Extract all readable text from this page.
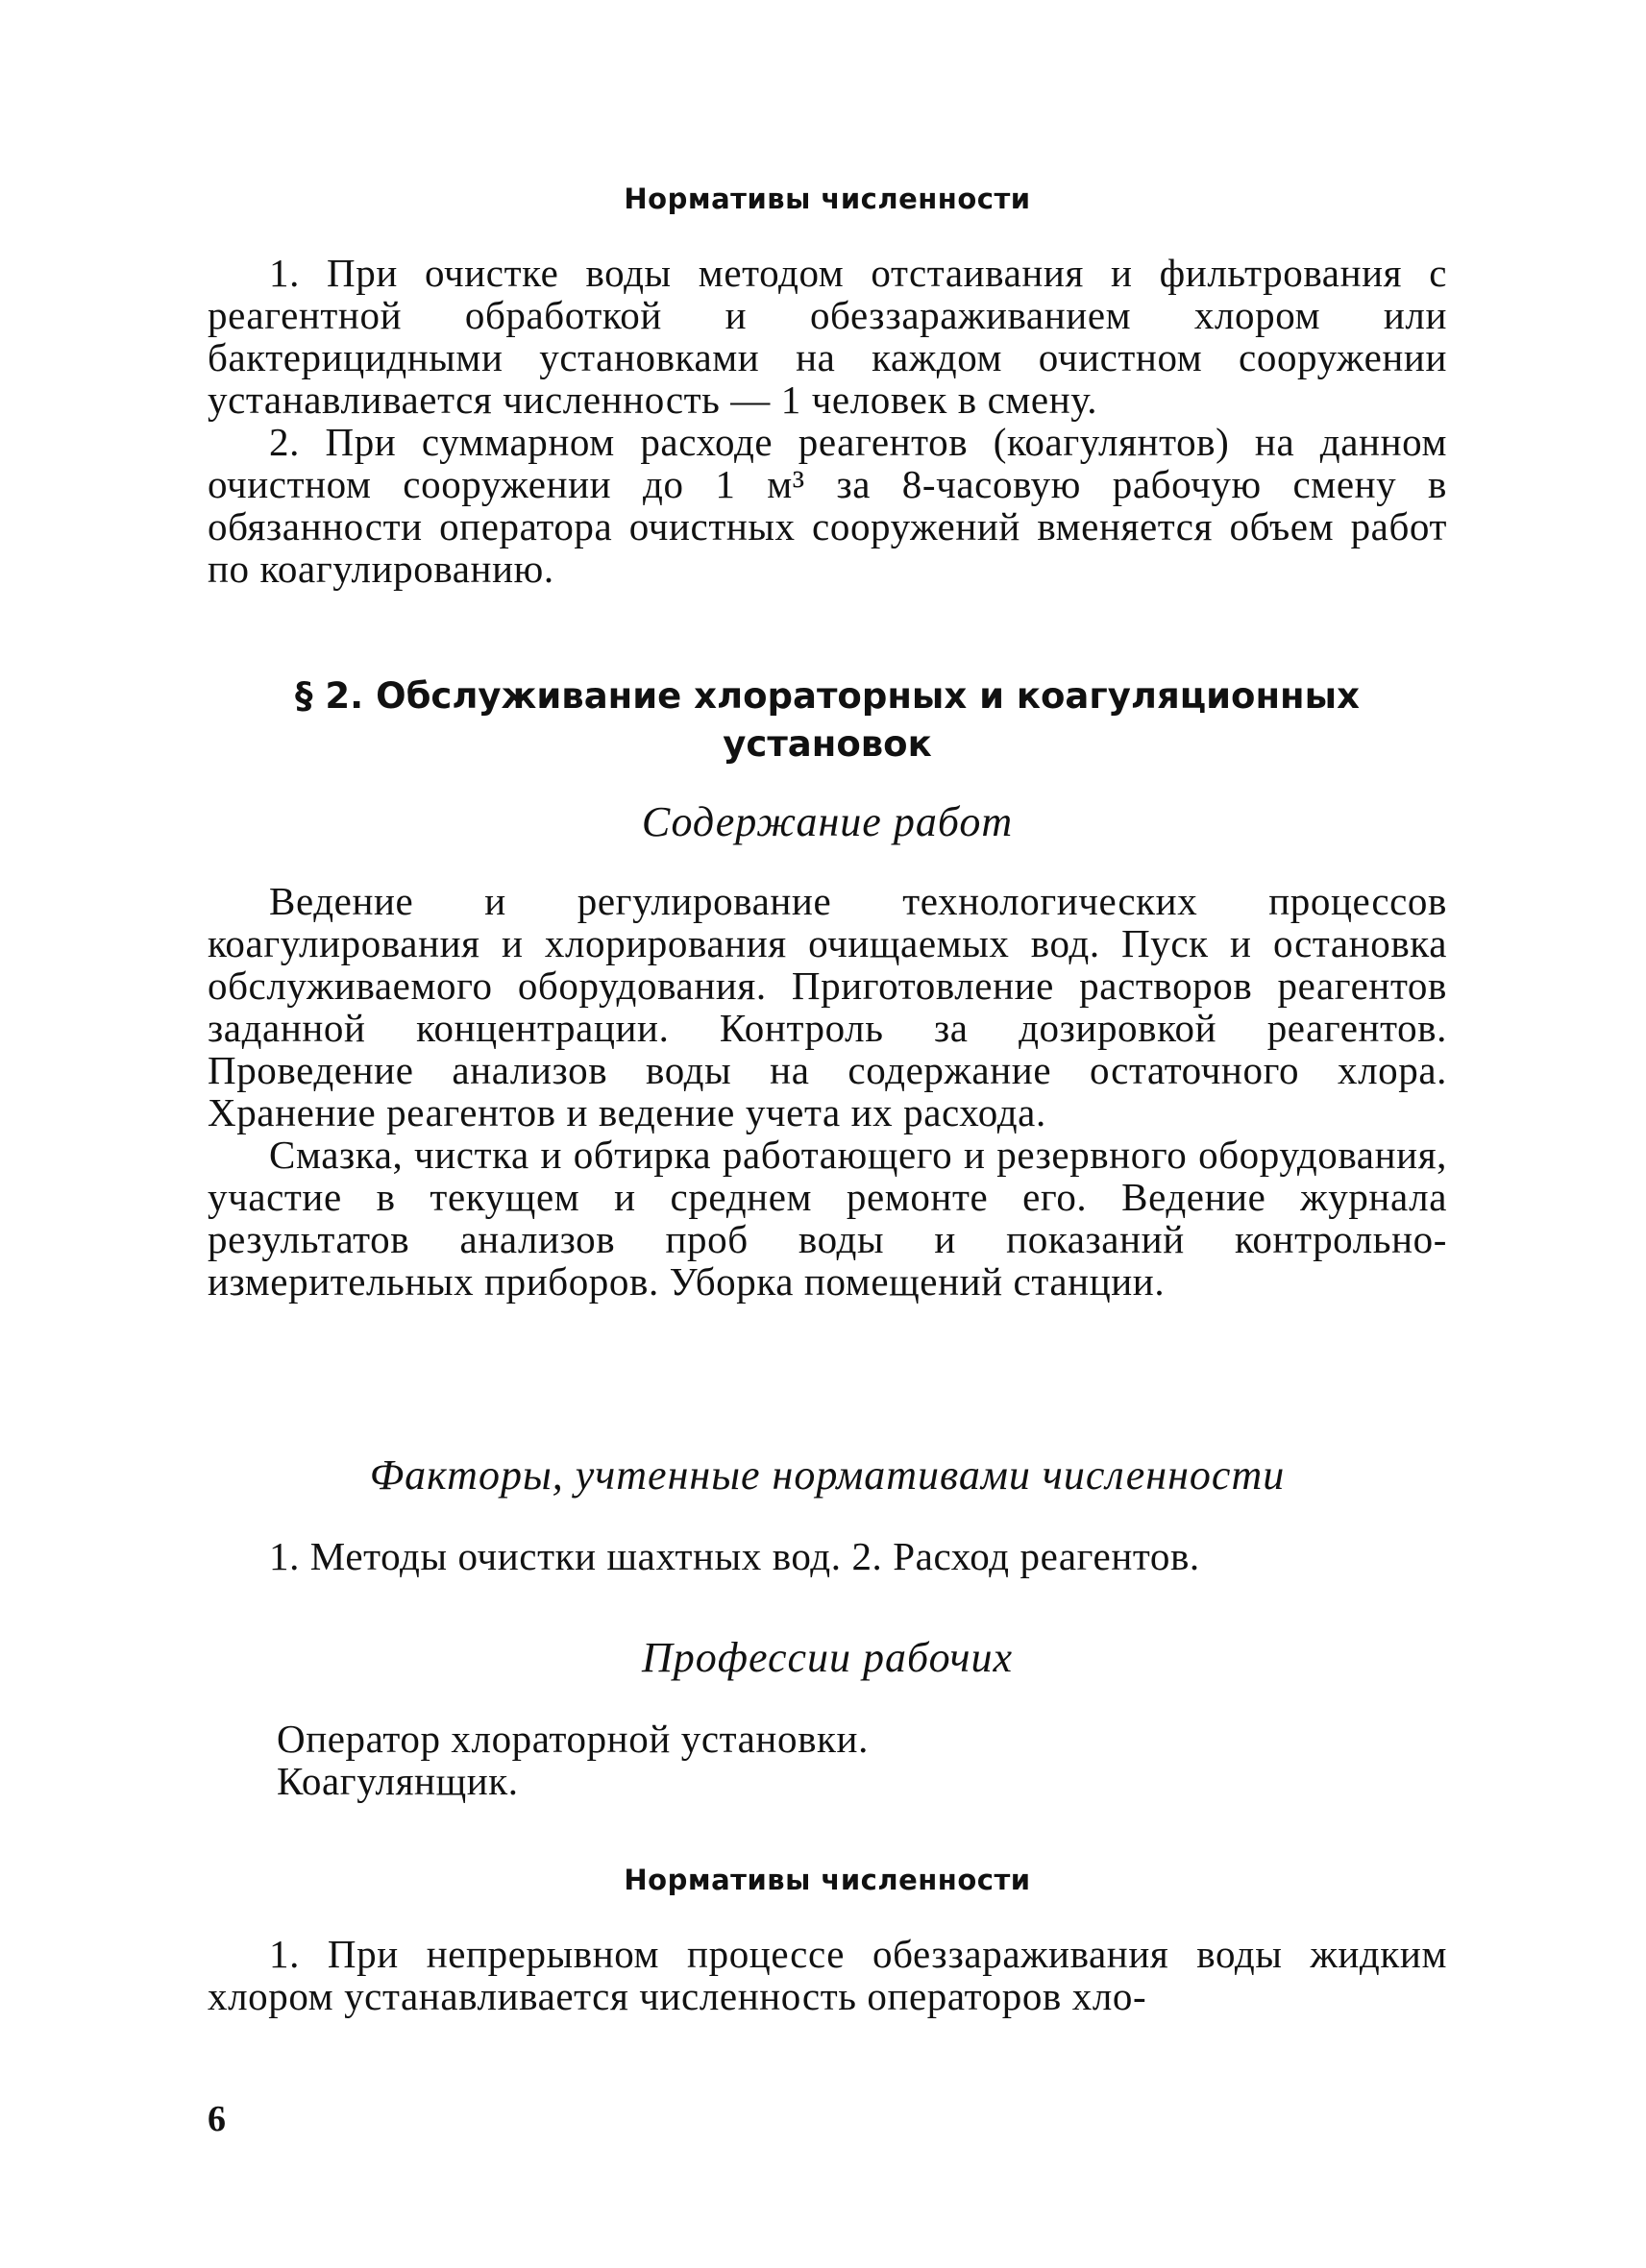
Нормативы численности

1. При очистке воды методом отстаивания и фильтрования с реагентной обработкой и обеззараживанием хлором или бактерицидными установками на каждом очистном сооружении устанавливается численность — 1 человек в смену.

2. При суммарном расходе реагентов (коагулянтов) на данном очистном сооружении до 1 м³ за 8-часовую рабочую смену в обязанности оператора очистных сооружений вменяется объем работ по коагулированию.

§ 2. Обслуживание хлораторных и коагуляционных
установок
Содержание работ

Ведение и регулирование технологических процессов коагулирования и хлорирования очищаемых вод. Пуск и остановка обслуживаемого оборудования. Приготовление растворов реагентов заданной концентрации. Контроль за дозировкой реагентов. Проведение анализов воды на содержание остаточного хлора. Хранение реагентов и ведение учета их расхода.

Смазка, чистка и обтирка работающего и резервного оборудования, участие в текущем и среднем ремонте его. Ведение журнала результатов анализов проб воды и показаний контрольно-измерительных приборов. Уборка помещений станции.

Факторы, учтенные нормативами численности

1. Методы очистки шахтных вод. 2. Расход реагентов.

Профессии рабочих

Оператор хлораторной установки.

Коагулянщик.

Нормативы численности

1. При непрерывном процессе обеззараживания воды жидким хлором устанавливается численность операторов хло-

6
